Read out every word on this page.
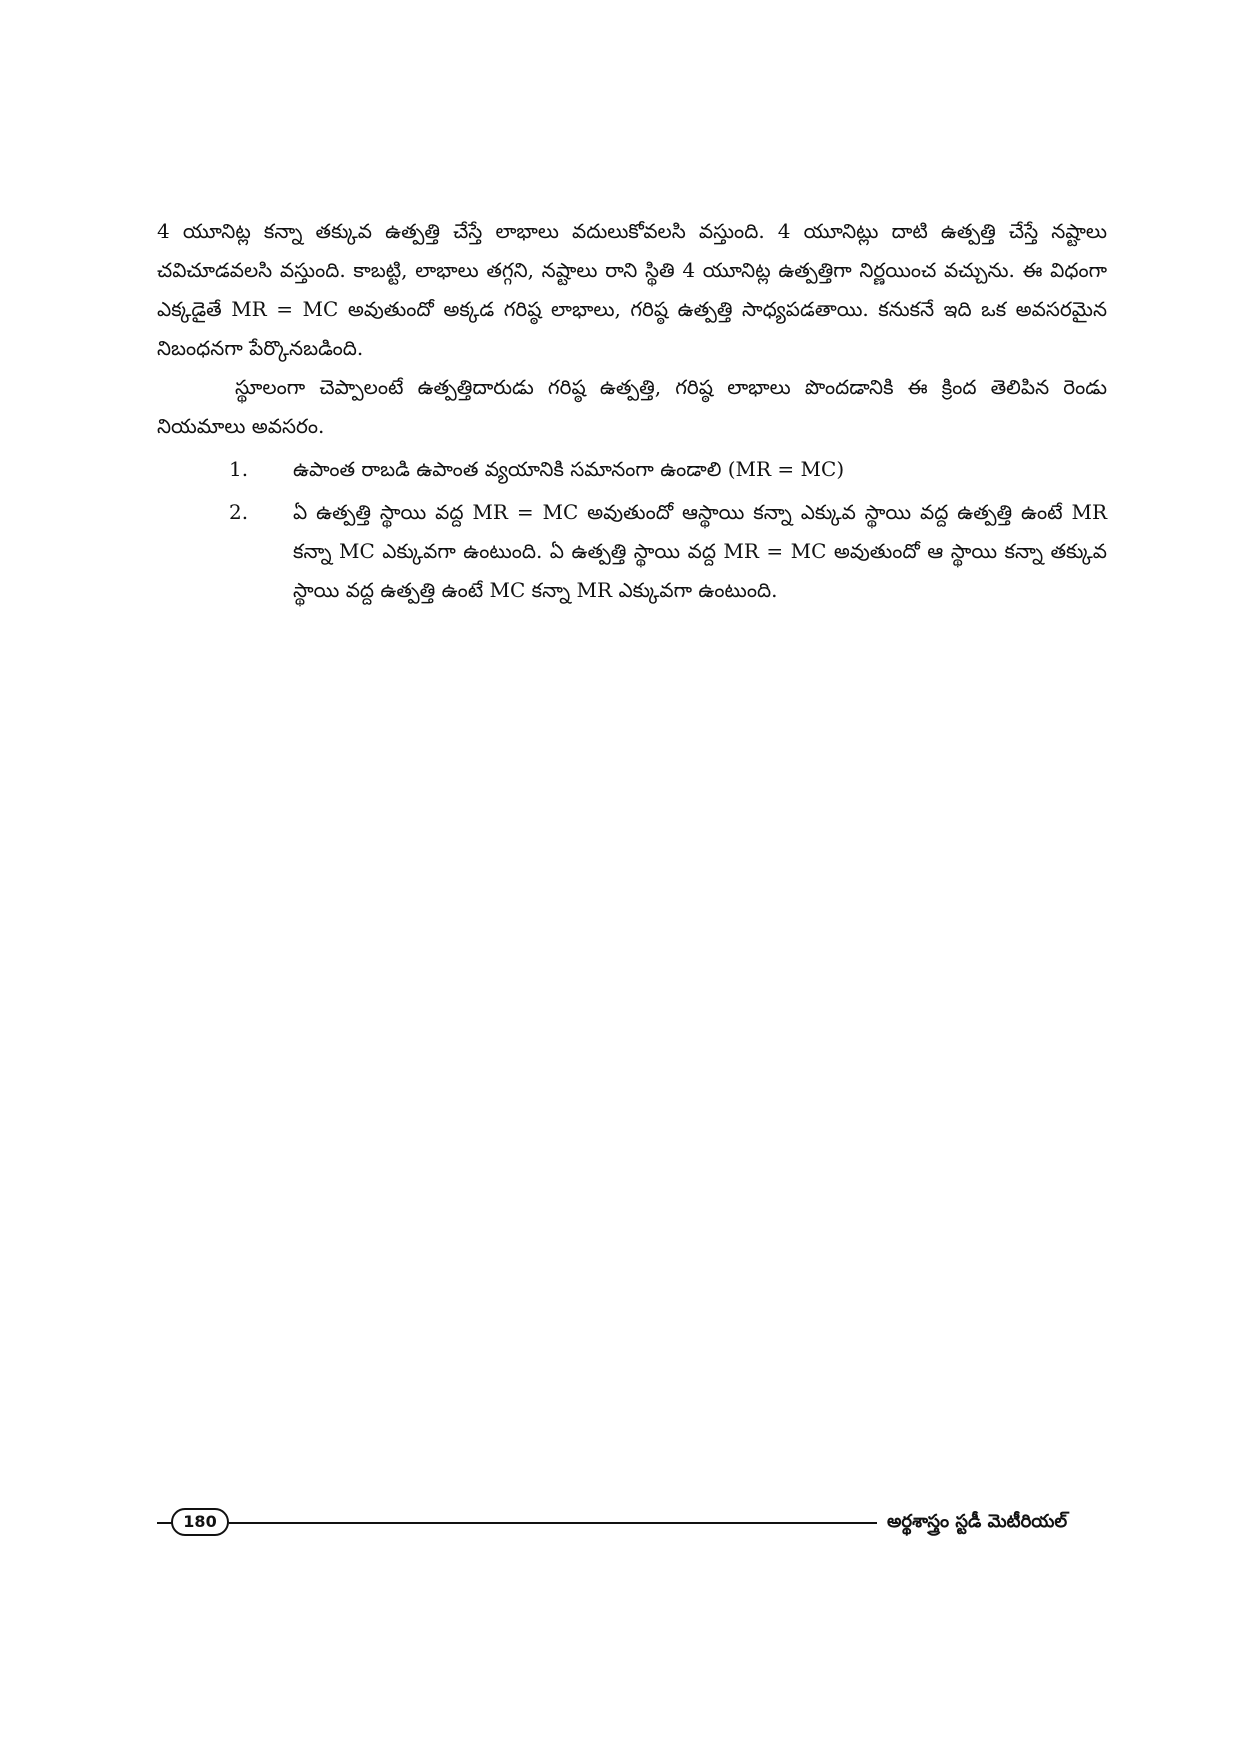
4 యూనిట్ల కన్నా తక్కువ ఉత్పత్తి చేస్తే లాభాలు వదులుకోవలసి వస్తుంది. 4 యూనిట్లు దాటి ఉత్పత్తి చేస్తే నష్టాలు చవిచూడవలసి వస్తుంది. కాబట్టి, లాభాలు తగ్గని, నష్టాలు రాని స్థితి 4 యూనిట్ల ఉత్పత్తిగా నిర్ణయించ వచ్చును. ఈ విధంగా ఎక్కడైతే MR = MC అవుతుందో అక్కడ గరిష్ఠ లాభాలు, గరిష్ఠ ఉత్పత్తి సాధ్యపడతాయి. కనుకనే ఇది ఒక అవసరమైన నిబంధనగా పేర్కొనబడింది.

స్థూలంగా చెప్పాలంటే ఉత్పత్తిదారుడు గరిష్ఠ ఉత్పత్తి, గరిష్ఠ లాభాలు పొందడానికి ఈ క్రింద తెలిపిన రెండు నియమాలు అవసరం.

1. ఉపాంత రాబడి ఉపాంత వ్యయానికి సమానంగా ఉండాలి (MR = MC)
2. ఏ ఉత్పత్తి స్థాయి వద్ద MR = MC అవుతుందో ఆస్థాయి కన్నా ఎక్కువ స్థాయి వద్ద ఉత్పత్తి ఉంటే MR కన్నా MC ఎక్కువగా ఉంటుంది. ఏ ఉత్పత్తి స్థాయి వద్ద MR = MC అవుతుందో ఆ స్థాయి కన్నా తక్కువ స్థాయి వద్ద ఉత్పత్తి ఉంటే MC కన్నా MR ఎక్కువగా ఉంటుంది.
180	అర్థశాస్త్రం స్టడీ మెటీరియల్
